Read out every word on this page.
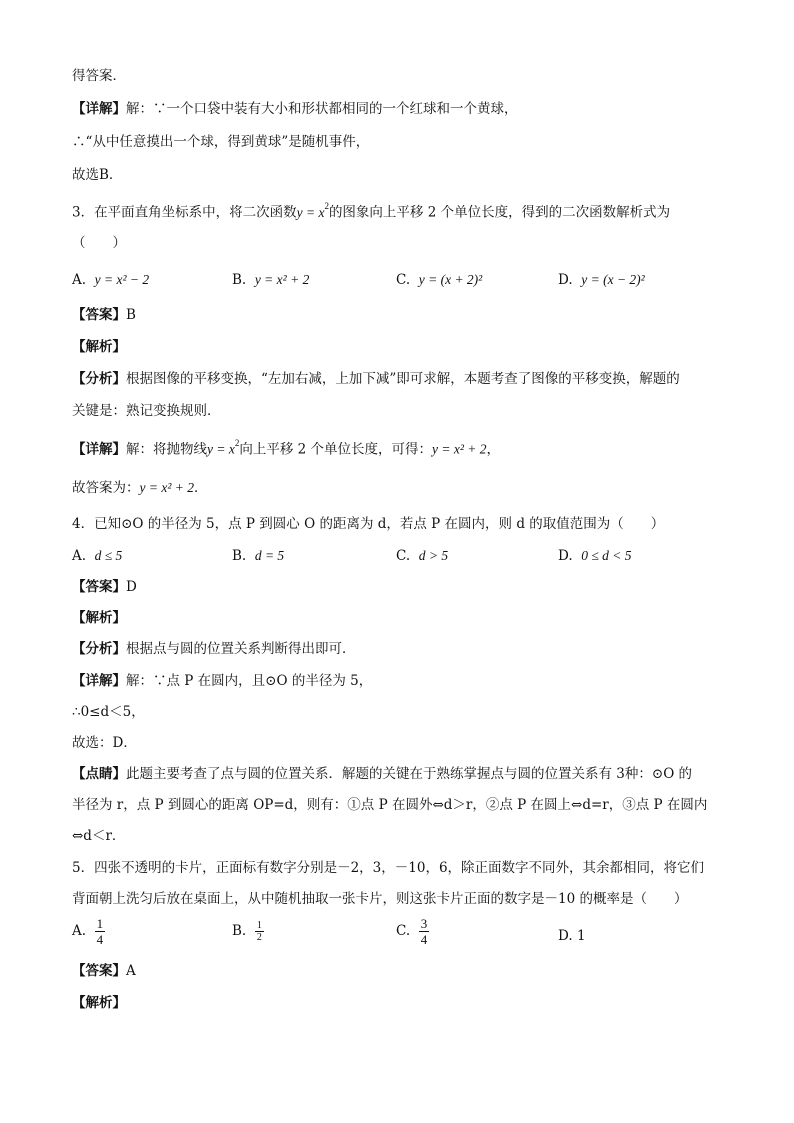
得答案．
【详解】解：∵一个口袋中装有大小和形状都相同的一个红球和一个黄球，
∴“从中任意摸出一个球，得到黄球”是随机事件，
故选B．
3．在平面直角坐标系中，将二次函数$y = x^2$的图象向上平移 2 个单位长度，得到的二次函数解析式为
（　　）
A. y = x² − 2	B. y = x² + 2	C. y = (x + 2)²	D. y = (x − 2)²
【答案】B
【解析】
【分析】根据图像的平移变换，“左加右减，上加下减”即可求解，本题考查了图像的平移变换，解题的
关键是：熟记变换规则．
【详解】解：将抛物线$y = x^2$向上平移 2 个单位长度，可得：y = x² + 2，
故答案为：y = x² + 2．
4．已知⊙O 的半径为 5，点 P 到圆心 O 的距离为 d，若点 P 在圆内，则 d 的取值范围为（　　）
A. d ≤ 5	B. d = 5	C. d > 5	D. 0 ≤ d < 5
【答案】D
【解析】
【分析】根据点与圆的位置关系判断得出即可．
【详解】解：∵点 P 在圆内，且⊙O 的半径为 5，
∴0≤d＜5，
故选：D．
【点睛】此题主要考查了点与圆的位置关系．解题的关键在于熟练掌握点与圆的位置关系有 3种：⊙O 的
半径为 r，点 P 到圆心的距离 OP=d，则有：①点 P 在圆外⇔d＞r，②点 P 在圆上⇔d=r，③点 P 在圆内
⇔d＜r．
5．四张不透明的卡片，正面标有数字分别是－2，3，－10，6，除正面数字不同外，其余都相同，将它们
背面朝上洗匀后放在桌面上，从中随机抽取一张卡片，则这张卡片正面的数字是－10 的概率是（　　）
A. $\frac{1}{4}$	B. $\frac{1}{2}$	C. $\frac{3}{4}$	D. 1
【答案】A
【解析】
